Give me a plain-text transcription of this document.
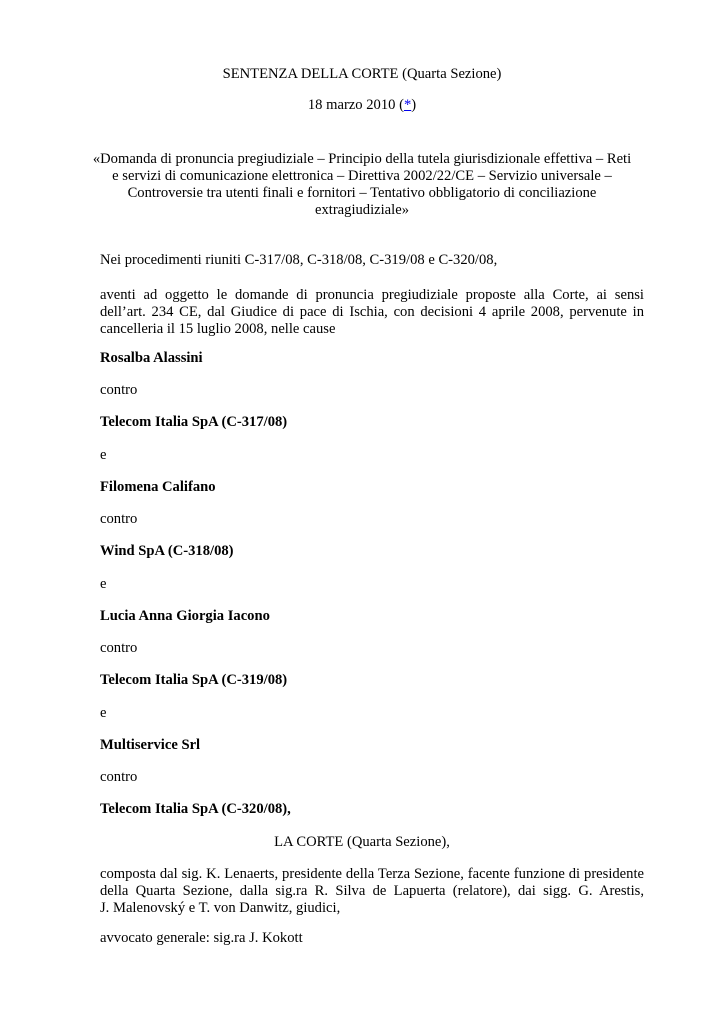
SENTENZA DELLA CORTE (Quarta Sezione)
18 marzo 2010 (*)
«Domanda di pronuncia pregiudiziale – Principio della tutela giurisdizionale effettiva – Reti
e servizi di comunicazione elettronica – Direttiva 2002/22/CE – Servizio universale –
Controversie tra utenti finali e fornitori – Tentativo obbligatorio di conciliazione
extragiudiziale»
Nei procedimenti riuniti C‑317/08, C‑318/08, C‑319/08 e C‑320/08,
aventi ad oggetto le domande di pronuncia pregiudiziale proposte alla Corte, ai sensi
dell’art. 234 CE, dal Giudice di pace di Ischia, con decisioni 4 aprile 2008, pervenute in
cancelleria il 15 luglio 2008, nelle cause
Rosalba Alassini
contro
Telecom Italia SpA (C‑317/08)
e
Filomena Califano
contro
Wind SpA (C‑318/08)
e
Lucia Anna Giorgia Iacono
contro
Telecom Italia SpA (C‑319/08)
e
Multiservice Srl
contro
Telecom Italia SpA (C‑320/08),
LA CORTE (Quarta Sezione),
composta dal sig. K. Lenaerts, presidente della Terza Sezione, facente funzione di presidente
della Quarta Sezione, dalla sig.ra R. Silva de Lapuerta (relatore), dai sigg. G. Arestis,
J. Malenovský e T. von Danwitz, giudici,
avvocato generale: sig.ra J. Kokott
